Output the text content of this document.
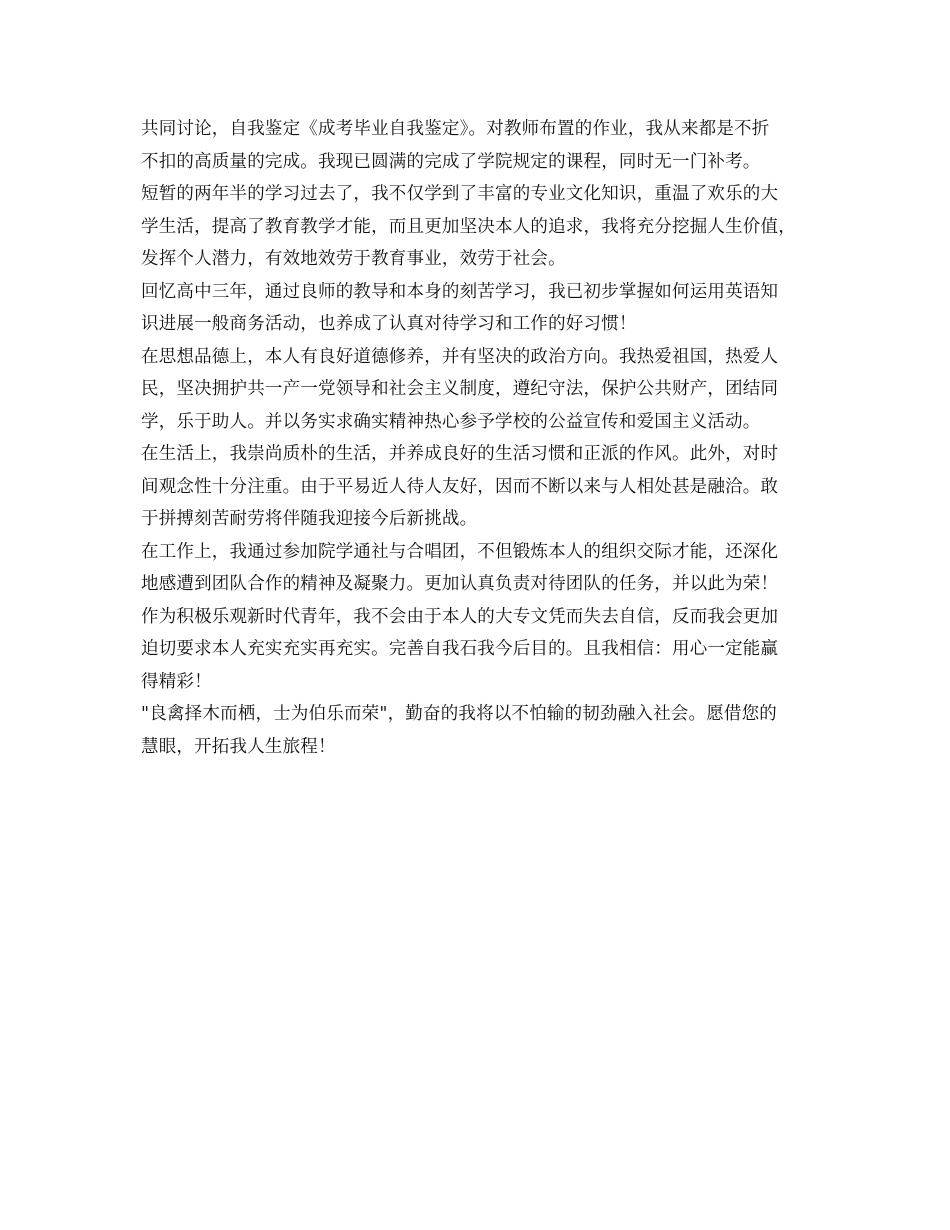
共同讨论，自我鉴定《成考毕业自我鉴定》。对教师布置的作业，我从来都是不折
不扣的高质量的完成。我现已圆满的完成了学院规定的课程，同时无一门补考。
短暂的两年半的学习过去了，我不仅学到了丰富的专业文化知识，重温了欢乐的大
学生活，提高了教育教学才能，而且更加坚决本人的追求，我将充分挖掘人生价值，
发挥个人潜力，有效地效劳于教育事业，效劳于社会。
回忆高中三年，通过良师的教导和本身的刻苦学习，我已初步掌握如何运用英语知
识进展一般商务活动，也养成了认真对待学习和工作的好习惯！
在思想品德上，本人有良好道德修养，并有坚决的政治方向。我热爱祖国，热爱人
民，坚决拥护共一产一党领导和社会主义制度，遵纪守法，保护公共财产，团结同
学，乐于助人。并以务实求确实精神热心参予学校的公益宣传和爱国主义活动。
在生活上，我崇尚质朴的生活，并养成良好的生活习惯和正派的作风。此外，对时
间观念性十分注重。由于平易近人待人友好，因而不断以来与人相处甚是融洽。敢
于拼搏刻苦耐劳将伴随我迎接今后新挑战。
在工作上，我通过参加院学通社与合唱团，不但锻炼本人的组织交际才能，还深化
地感遭到团队合作的精神及凝聚力。更加认真负责对待团队的任务，并以此为荣！
作为积极乐观新时代青年，我不会由于本人的大专文凭而失去自信，反而我会更加
迫切要求本人充实充实再充实。完善自我石我今后目的。且我相信：用心一定能赢
得精彩！
"良禽择木而栖，士为伯乐而荣"，勤奋的我将以不怕输的韧劲融入社会。愿借您的
慧眼，开拓我人生旅程！
